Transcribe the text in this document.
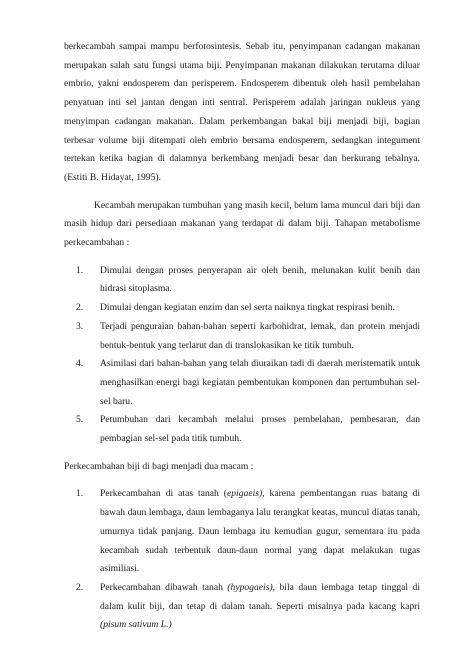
berkecambah sampai mampu berfotosintesis. Sebab itu, penyimpanan cadangan makanan merupakan salah satu fungsi utama biji. Penyimpanan makanan dilakukan terutama diluar embrio, yakni endosperem dan perisperem. Endosperem dibentuk oleh hasil pembelahan penyatuan inti sel jantan dengan inti sentral. Perisperem adalah jaringan nukleus yang menyimpan cadangan makanan. Dalam perkembangan bakal biji menjadi biji, bagian terbesar volume biji ditempati oleh embrio bersama endosperem, sedangkan integument tertekan ketika bagian di dalamnya berkembang menjadi besar dan berkurang tebalnya. (Estiti B. Hidayat, 1995).

Kecambah merupakan tumbuhan yang masih kecil, belum lama muncul dari biji dan masih hidup dari persediaan makanan yang terdapat di dalam biji. Tahapan metabolisme perkecambahan :

1. Dimulai dengan proses penyerapan air oleh benih, melunakan kulit benih dan hidrasi sitoplasma.
2. Dimulai dengan kegiatan enzim dan sel serta naiknya tingkat respirasi benih.
3. Terjadi penguraian bahan-bahan seperti karbohidrat, lemak, dan protein menjadi bentuk-bentuk yang terlarut dan di translokasikan ke titik tumbuh.
4. Asimilasi dari bahan-bahan yang telah diuraikan tadi di daerah meristematik untuk menghasilkan energi bagi kegiatan pembentukan komponen dan pertumbuhan sel-sel baru.
5. Petumbuhan dari kecambah melalui proses pembelahan, pembesaran, dan pembagian sel-sel pada titik tumbuh.

Perkecambahan biji di bagi menjadi dua macam :

1. Perkecambahan di atas tanah (epigaeis), karena pembentangan ruas batang di bawah daun lembaga, daun lembaganya lalu terangkat keatas, muncul diatas tanah, umurnya tidak panjang. Daun lembaga itu kemudian gugur, sementara itu pada kecambah sudah terbentuk daun-daun normal yang dapat melakukan tugas asimiliasi.
2. Perkecambahan dibawah tanah (hypogaeis), bila daun lembaga tetap tinggal di dalam kulit biji, dan tetap di dalam tanah. Seperti misalnya pada kacang kapri (pisum sativum L.)
